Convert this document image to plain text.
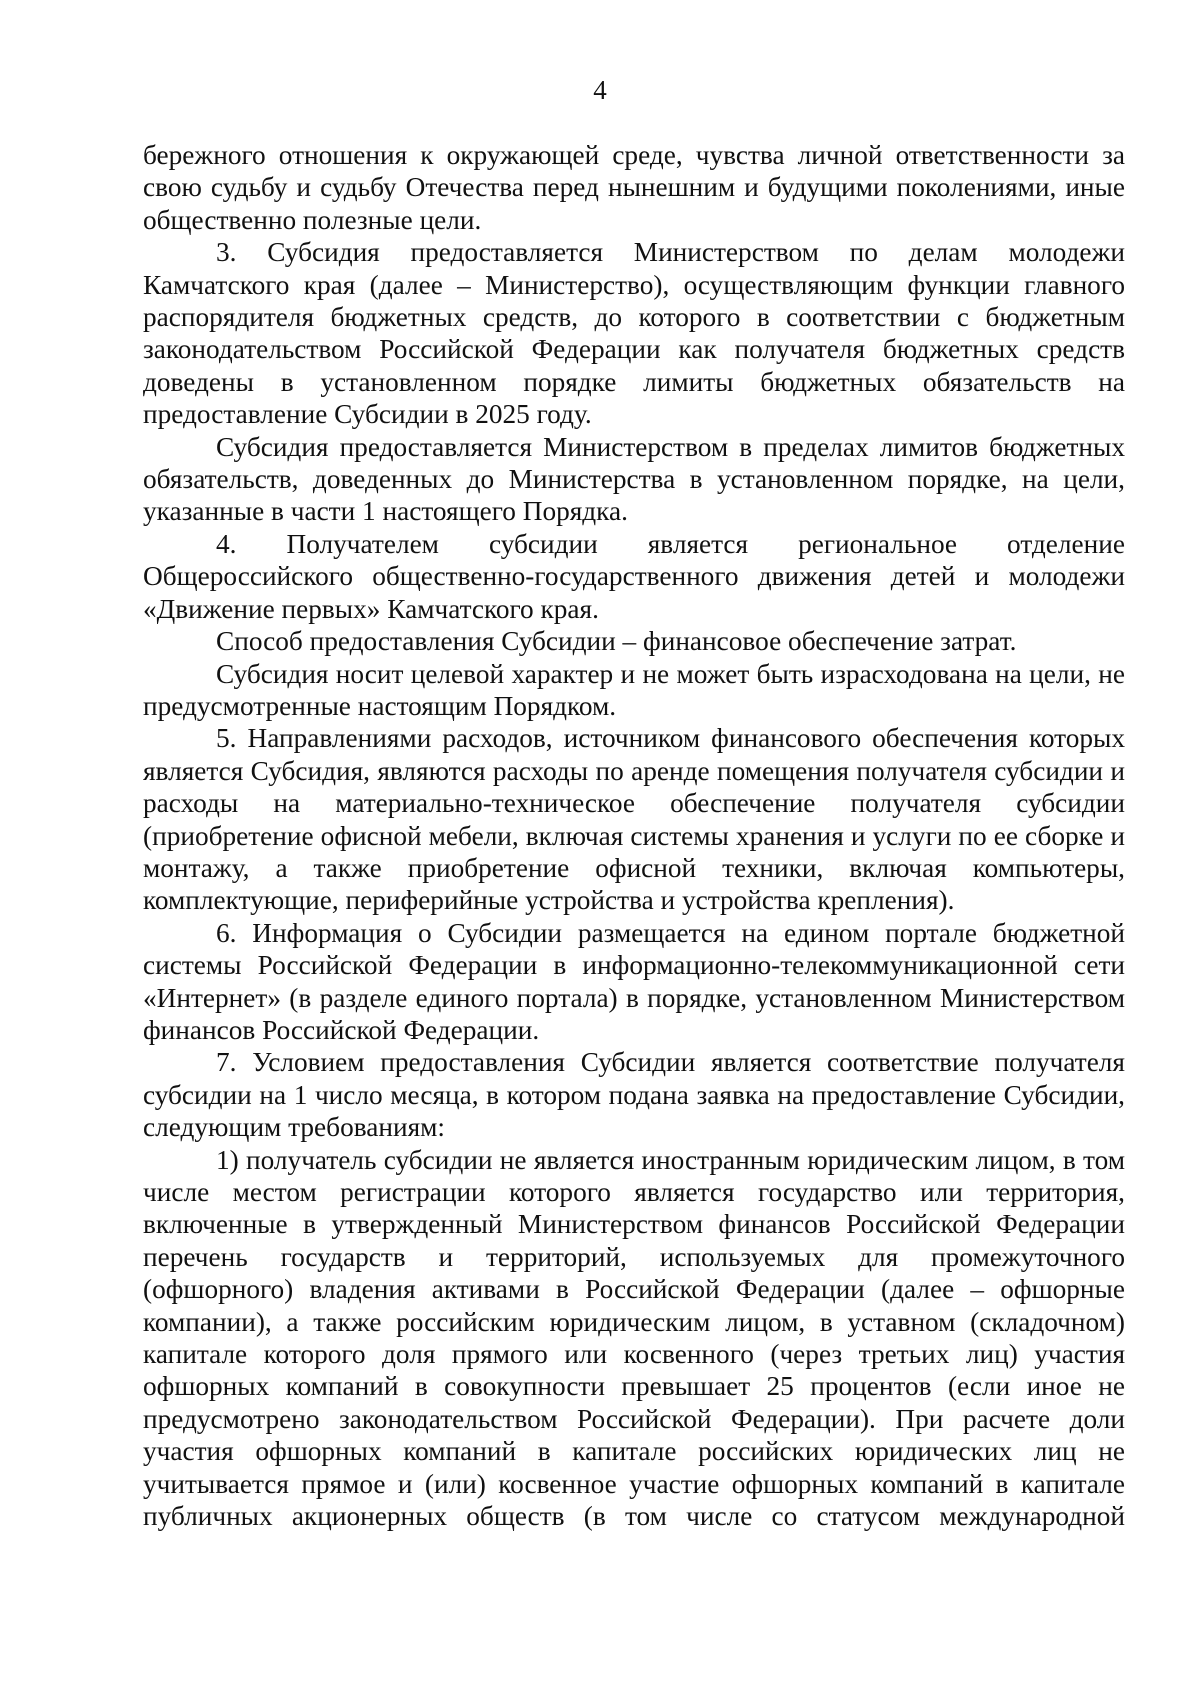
4

бережного отношения к окружающей среде, чувства личной ответственности за свою судьбу и судьбу Отечества перед нынешним и будущими поколениями, иные общественно полезные цели.

3. Субсидия предоставляется Министерством по делам молодежи Камчатского края (далее – Министерство), осуществляющим функции главного распорядителя бюджетных средств, до которого в соответствии с бюджетным законодательством Российской Федерации как получателя бюджетных средств доведены в установленном порядке лимиты бюджетных обязательств на предоставление Субсидии в 2025 году.

Субсидия предоставляется Министерством в пределах лимитов бюджетных обязательств, доведенных до Министерства в установленном порядке, на цели, указанные в части 1 настоящего Порядка.

4. Получателем субсидии является региональное отделение Общероссийского общественно-государственного движения детей и молодежи «Движение первых» Камчатского края.

Способ предоставления Субсидии – финансовое обеспечение затрат.

Субсидия носит целевой характер и не может быть израсходована на цели, не предусмотренные настоящим Порядком.

5. Направлениями расходов, источником финансового обеспечения которых является Субсидия, являются расходы по аренде помещения получателя субсидии и расходы на материально-техническое обеспечение получателя субсидии (приобретение офисной мебели, включая системы хранения и услуги по ее сборке и монтажу, а также приобретение офисной техники, включая компьютеры, комплектующие, периферийные устройства и устройства крепления).

6. Информация о Субсидии размещается на едином портале бюджетной системы Российской Федерации в информационно-телекоммуникационной сети «Интернет» (в разделе единого портала) в порядке, установленном Министерством финансов Российской Федерации.

7. Условием предоставления Субсидии является соответствие получателя субсидии на 1 число месяца, в котором подана заявка на предоставление Субсидии, следующим требованиям:

1) получатель субсидии не является иностранным юридическим лицом, в том числе местом регистрации которого является государство или территория, включенные в утвержденный Министерством финансов Российской Федерации перечень государств и территорий, используемых для промежуточного (офшорного) владения активами в Российской Федерации (далее – офшорные компании), а также российским юридическим лицом, в уставном (складочном) капитале которого доля прямого или косвенного (через третьих лиц) участия офшорных компаний в совокупности превышает 25 процентов (если иное не предусмотрено законодательством Российской Федерации). При расчете доли участия офшорных компаний в капитале российских юридических лиц не учитывается прямое и (или) косвенное участие офшорных компаний в капитале публичных акционерных обществ (в том числе со статусом международной
